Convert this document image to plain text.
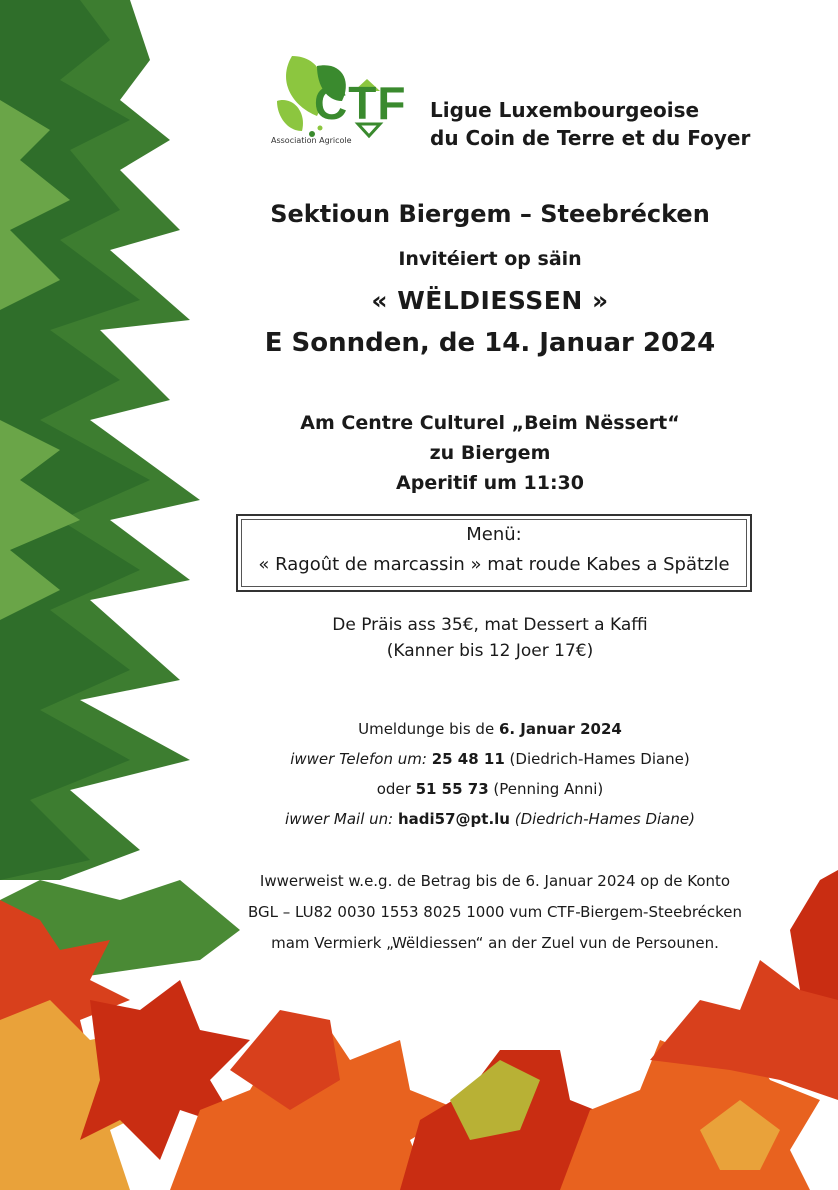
CTF Ligue Luxembourgeoise
du Coin de Terre et du Foyer
Association Agricole
Sektioun Biergem – Steebrécken
Invitéiert op säin
« WËLDIESSEN »
E Sonnden, de 14. Januar 2024
Am Centre Culturel „Beim Nëssert“
zu Biergem
Aperitif um 11:30
Menü:
« Ragoût de marcassin » mat roude Kabes a Spätzle
De Präis ass 35€, mat Dessert a Kaffi
(Kanner bis 12 Joer 17€)
Umeldunge bis de 6. Januar 2024
iwwer Telefon um: 25 48 11 (Diedrich-Hames Diane)
oder 51 55 73 (Penning Anni)
iwwer Mail un: hadi57@pt.lu (Diedrich-Hames Diane)
Iwwerweist w.e.g. de Betrag bis de 6. Januar 2024 op de Konto
BGL – LU82 0030 1553 8025 1000 vum CTF-Biergem-Steebrécken
mam Vermierk „Wëldiessen“ an der Zuel vun de Persounen.
